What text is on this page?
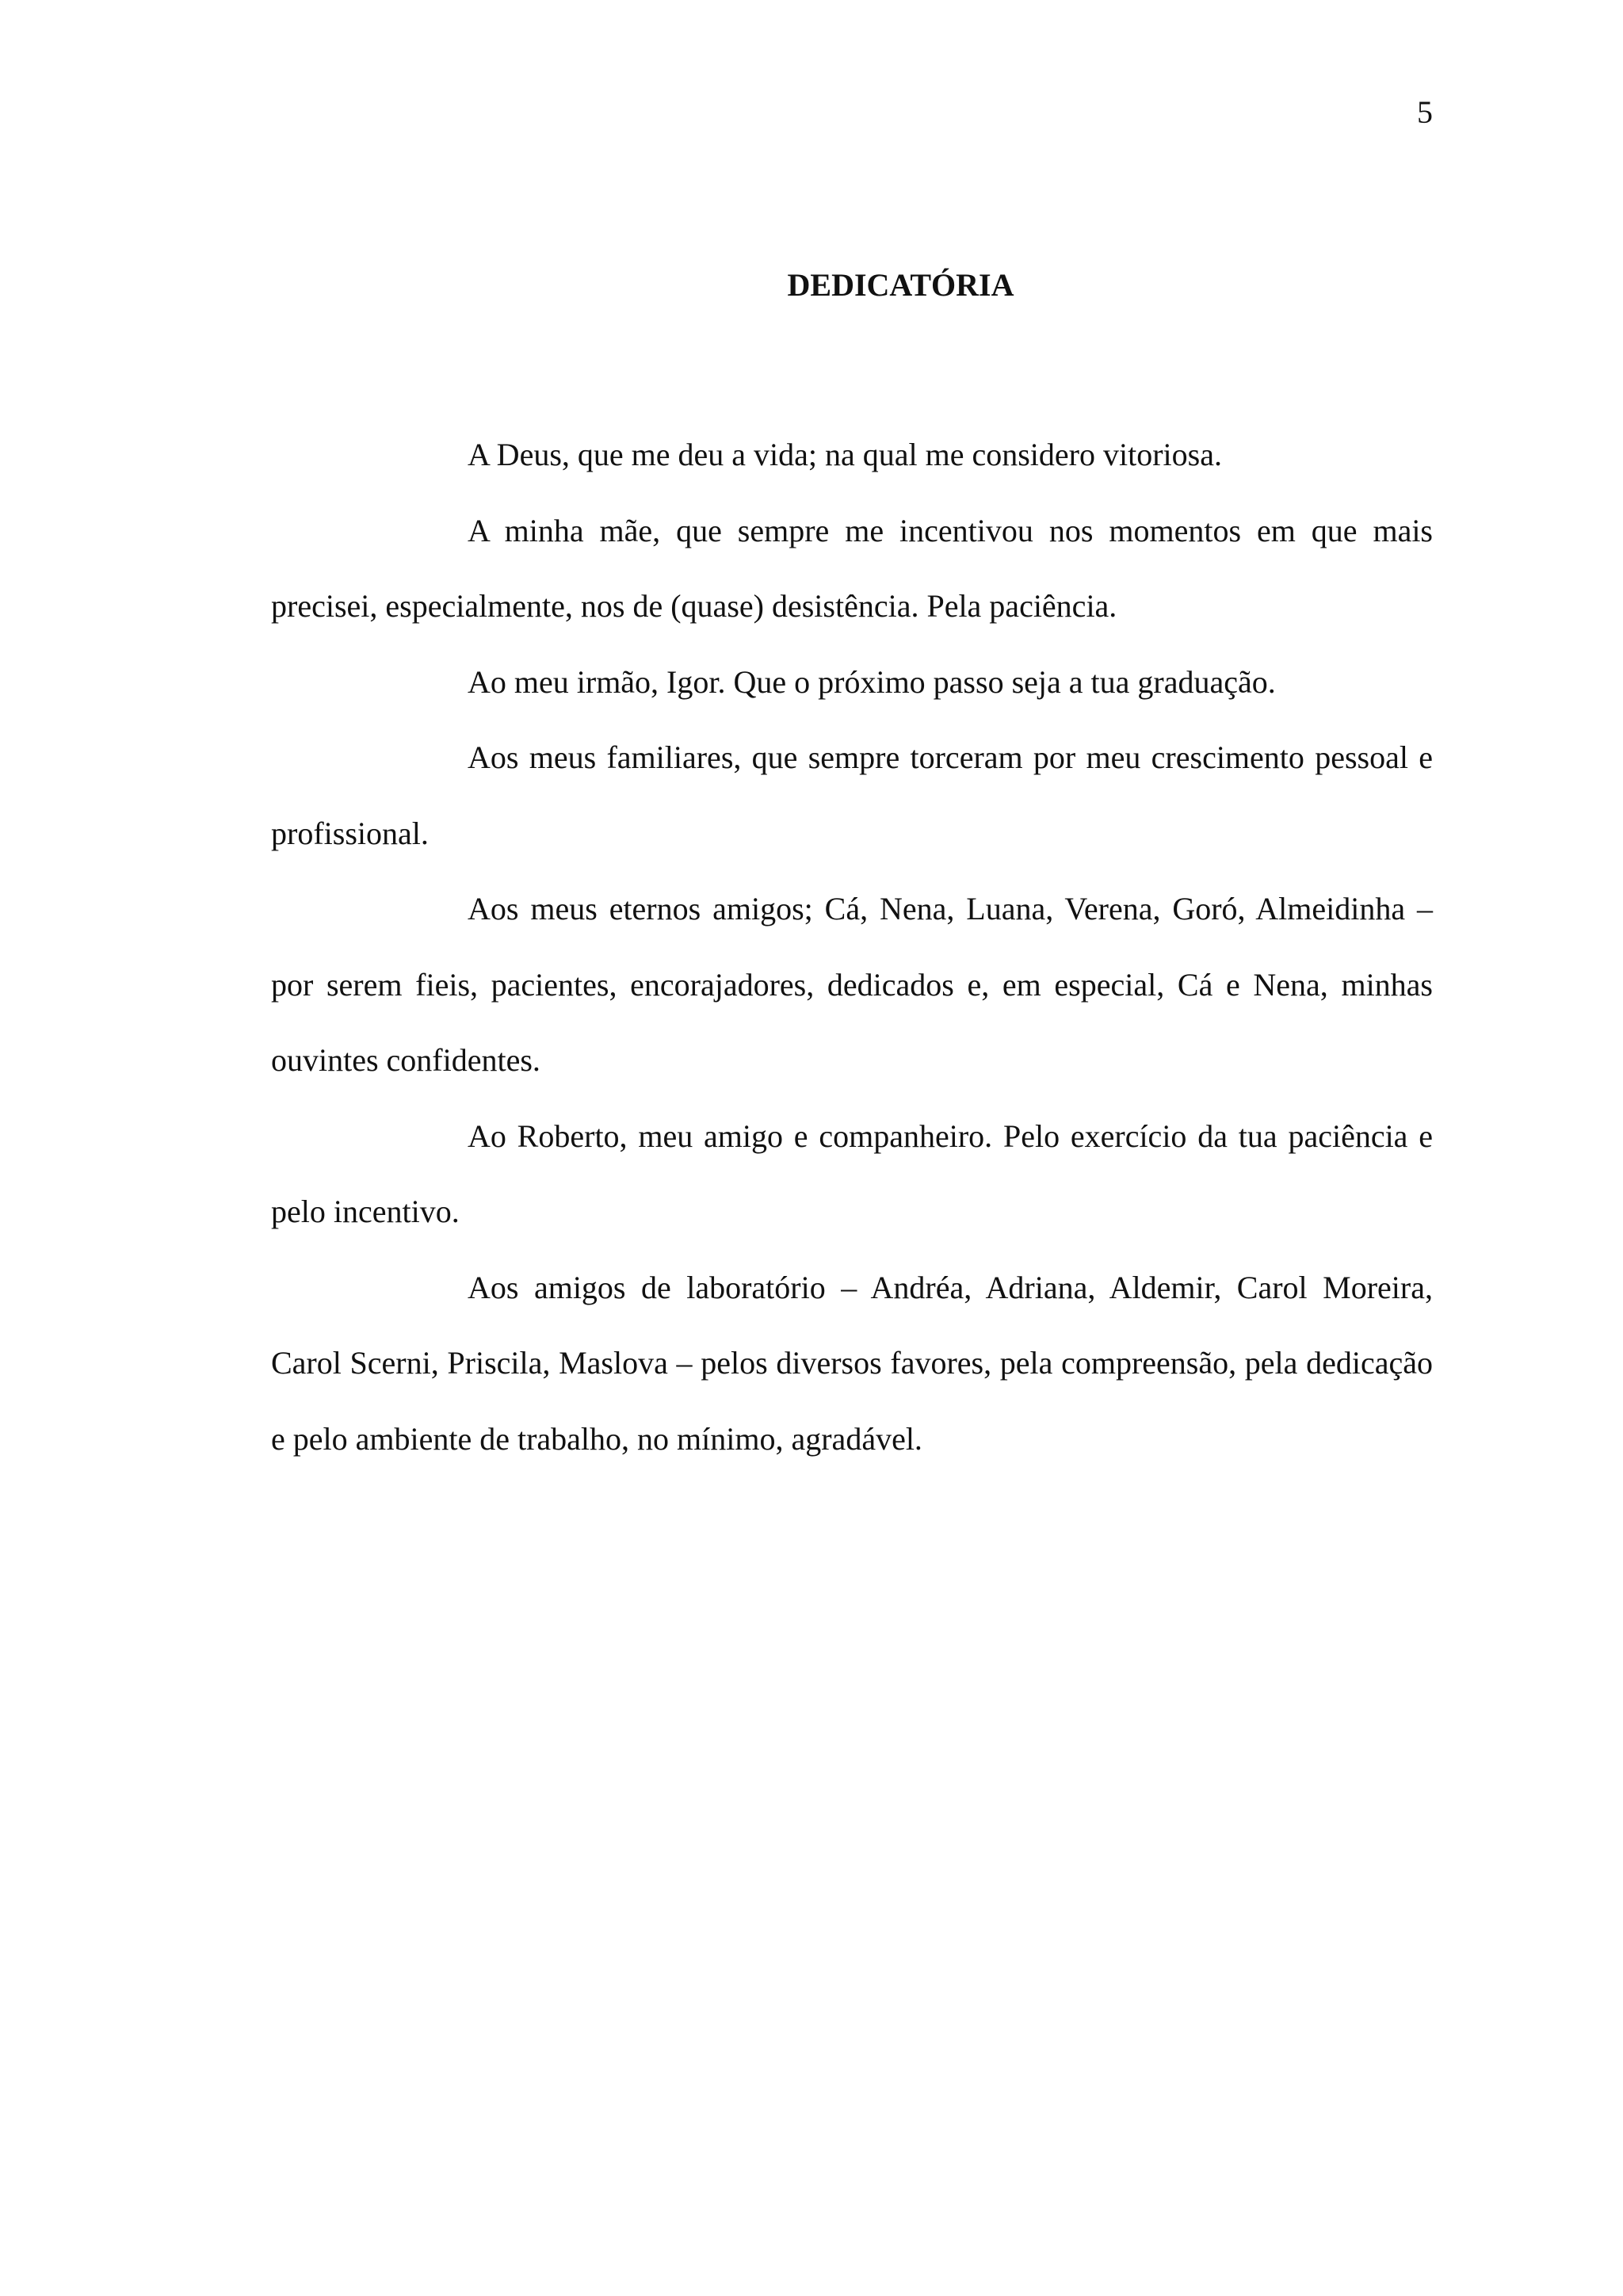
5
DEDICATÓRIA

A Deus, que me deu a vida; na qual me considero vitoriosa.

A minha mãe, que sempre me incentivou nos momentos em que mais precisei, especialmente, nos de (quase) desistência. Pela paciência.

Ao meu irmão, Igor. Que o próximo passo seja a tua graduação.

Aos meus familiares, que sempre torceram por meu crescimento pessoal e profissional.

Aos meus eternos amigos; Cá, Nena, Luana, Verena, Goró, Almeidinha – por serem fieis, pacientes, encorajadores, dedicados e, em especial, Cá e Nena, minhas ouvintes confidentes.

Ao Roberto, meu amigo e companheiro. Pelo exercício da tua paciência e pelo incentivo.

Aos amigos de laboratório – Andréa, Adriana, Aldemir, Carol Moreira, Carol Scerni, Priscila, Maslova – pelos diversos favores, pela compreensão, pela dedicação e pelo ambiente de trabalho, no mínimo, agradável.
